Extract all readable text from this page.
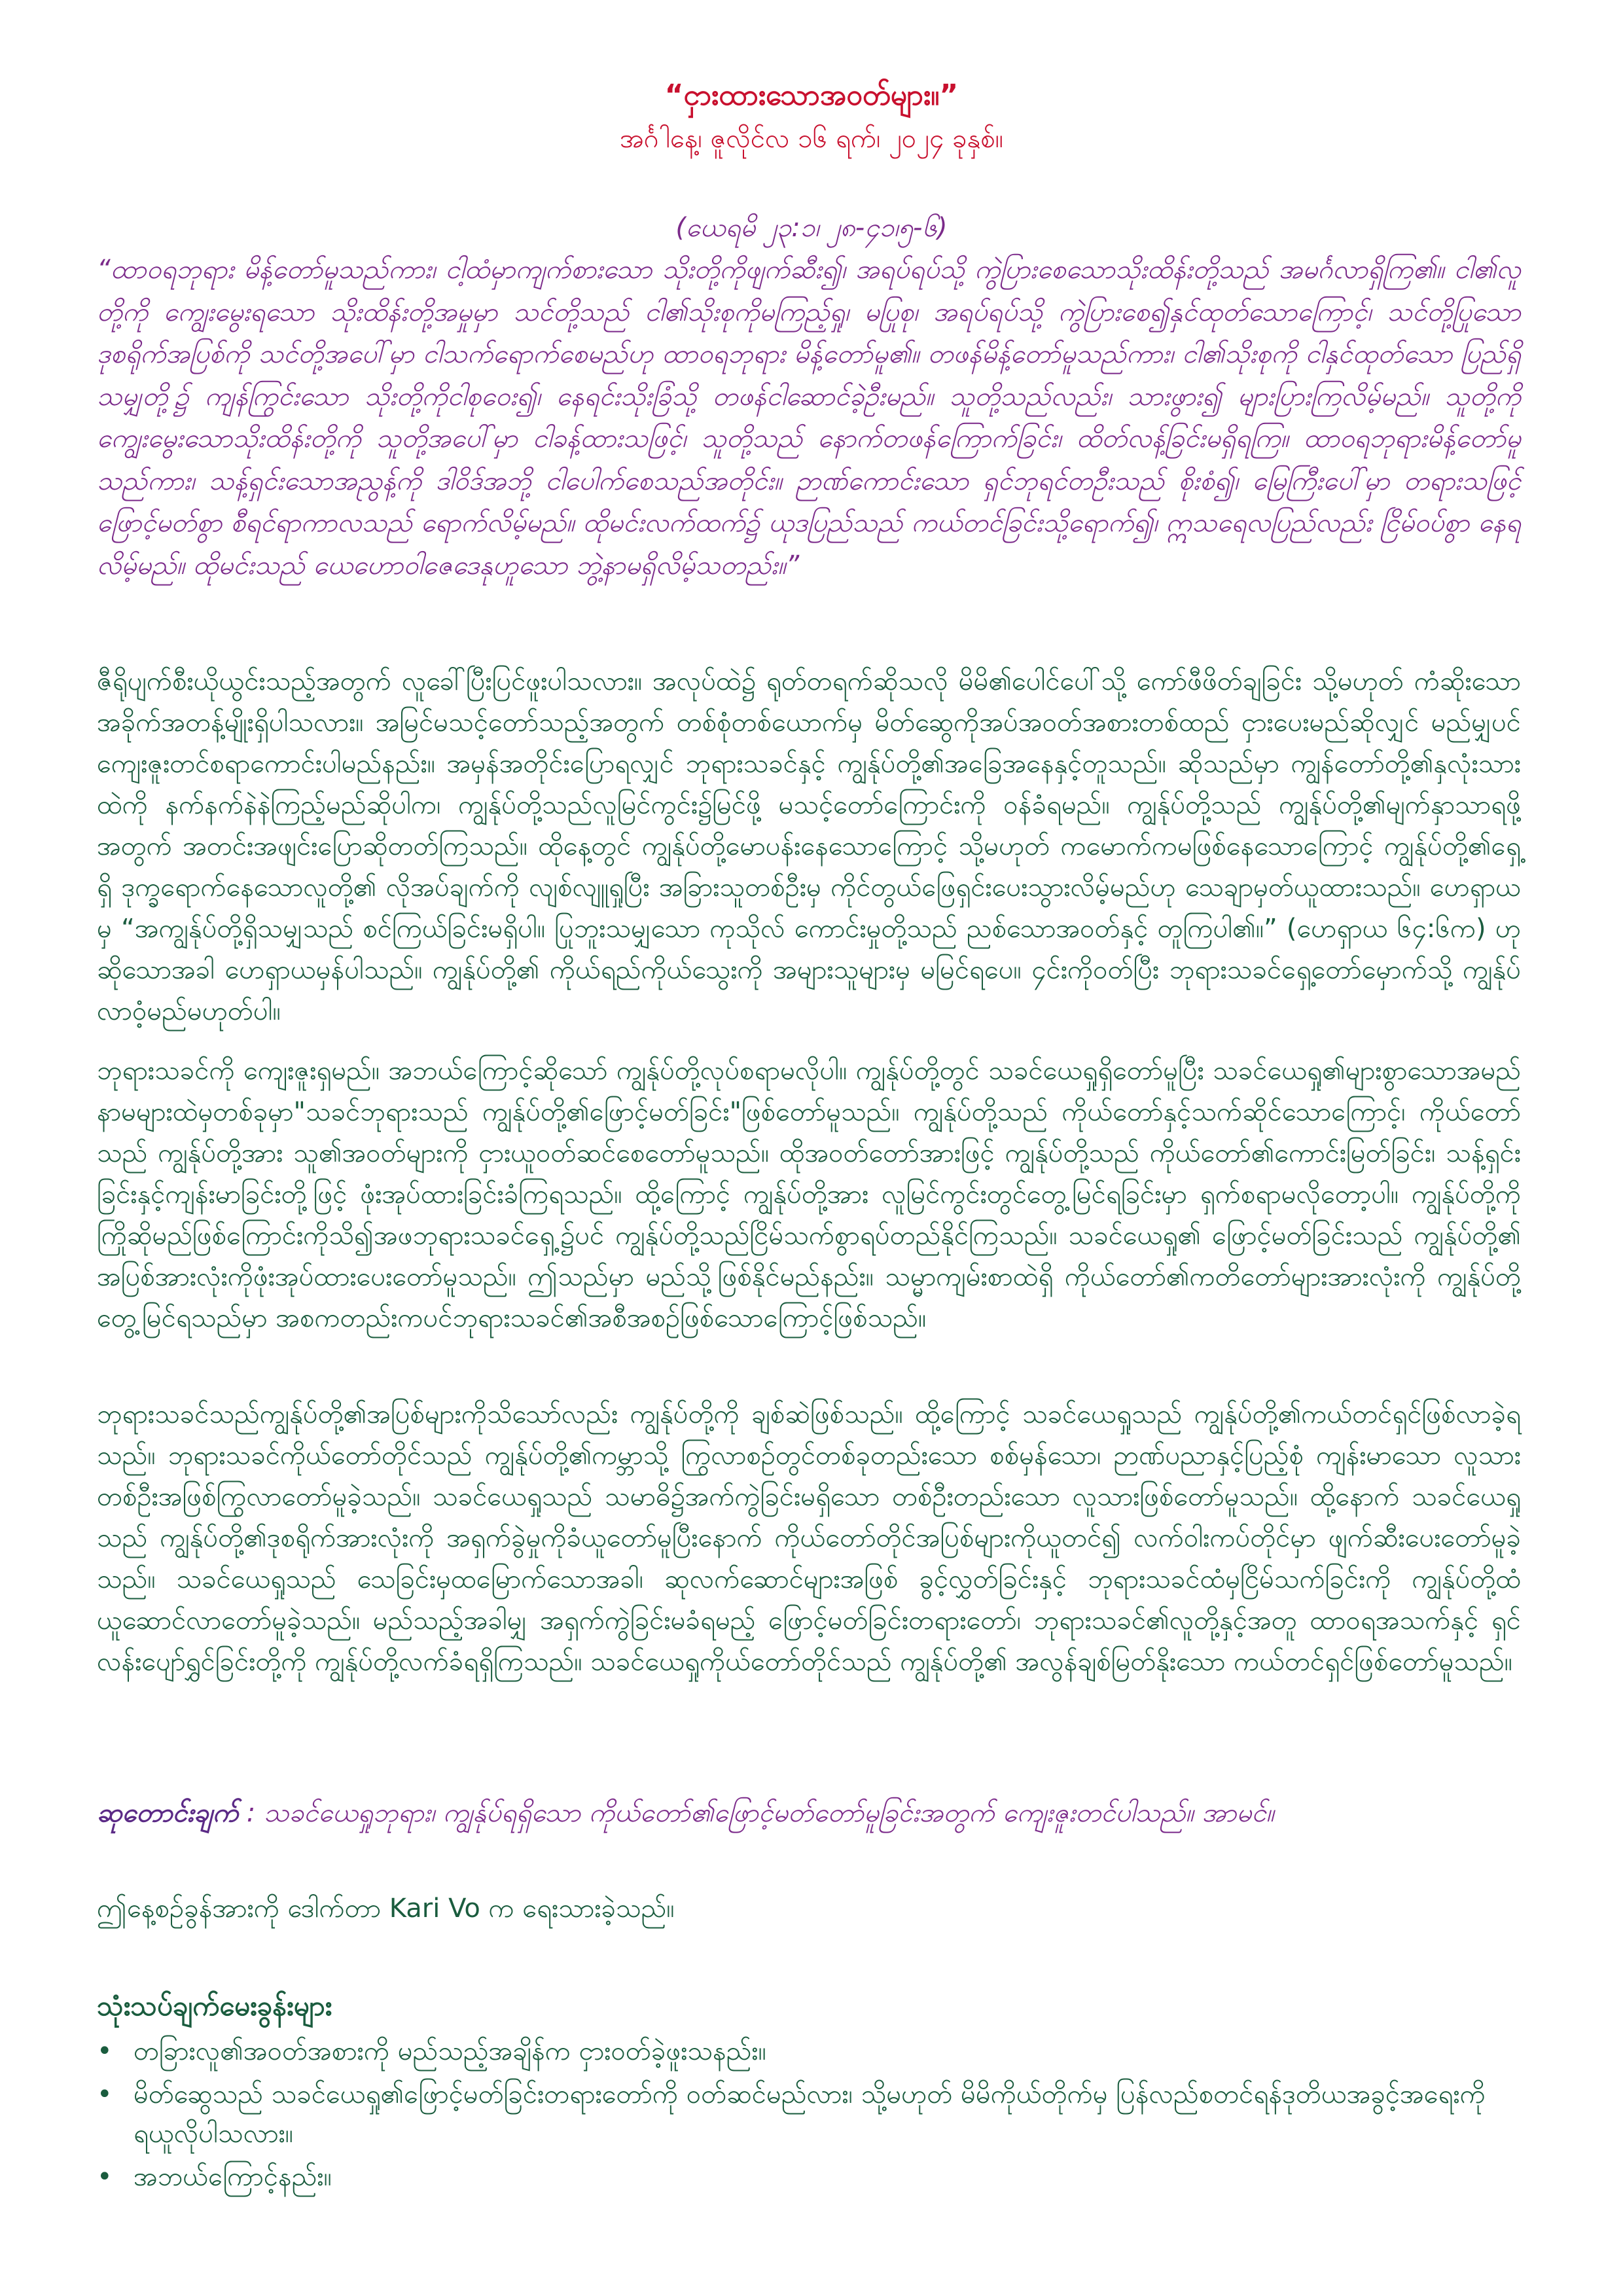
“ငှားထားသောအဝတ်များ။”
အင်္ဂါနေ့၊ ဇူလိုင်လ ၁၆ ရက်၊ ၂၀၂၄ ခုနှစ်။
(ယေရမိ ၂၃:၁၊ ၂၈-၄၁၊၅-၆)

“ထာဝရဘုရား မိန့်တော်မူသည်ကား၊ ငါ့ထံမှာကျက်စားသော သိုးတို့ကိုဖျက်ဆီး၍၊ အရပ်ရပ်သို့ ကွဲပြားစေသောသိုးထိန်းတို့သည် အမင်္ဂလာရှိကြ၏။ ငါ၏လူတို့ကို ကျွေးမွေးရသော သိုးထိန်းတို့အမှုမှာ သင်တို့သည် ငါ၏သိုးစုကိုမကြည့်ရှု၊ မပြုစု၊ အရပ်ရပ်သို့ ကွဲပြားစေ၍နှင်ထုတ်သောကြောင့်၊ သင်တို့ပြုသော ဒုစရိုက်အပြစ်ကို သင်တို့အပေါ်မှာ ငါသက်ရောက်စေမည်ဟု ထာဝရဘုရား မိန့်တော်မူ၏။ တဖန်မိန့်တော်မူသည်ကား၊ ငါ၏သိုးစုကို ငါနှင်ထုတ်သော ပြည်ရှိသမျှတို့၌ ကျန်ကြွင်းသော သိုးတို့ကိုငါစုဝေး၍၊ နေရင်းသိုးခြံသို့ တဖန်ငါဆောင်ခဲ့ဦးမည်။ သူတို့သည်လည်း၊ သားဖွား၍ များပြားကြလိမ့်မည်။ သူတို့ကို ကျွေးမွေးသောသိုးထိန်းတို့ကို သူတို့အပေါ်မှာ ငါခန့်ထားသဖြင့်၊ သူတို့သည် နောက်တဖန်ကြောက်ခြင်း၊ ထိတ်လန့်ခြင်းမရှိရကြ။ ထာဝရဘုရားမိန့်တော်မူသည်ကား၊ သန့်ရှင်းသောအညွန့်ကို ဒါဝိဒ်အဘို့ ငါပေါက်စေသည်အတိုင်း။ ဉာဏ်ကောင်းသော ရှင်ဘုရင်တဦးသည် စိုးစံ၍၊ မြေကြီးပေါ်မှာ တရားသဖြင့် ဖြောင့်မတ်စွာ စီရင်ရာကာလသည် ရောက်လိမ့်မည်။ ထိုမင်းလက်ထက်၌ ယုဒပြည်သည် ကယ်တင်ခြင်းသို့ရောက်၍၊ ဣသရေလပြည်လည်း ငြိမ်ဝပ်စွာ နေရလိမ့်မည်။ ထိုမင်းသည် ယေဟောဝါဇေဒေနုဟူသော ဘွဲ့နာမရှိလိမ့်သတည်း။”

ဇီရိုပျက်စီးယိုယွင်းသည့်အတွက် လူခေါ်ပြီးပြင်ဖူးပါသလား။ အလုပ်ထဲ၌ ရုတ်တရက်ဆိုသလို မိမိ၏ပေါင်ပေါ်သို့ ကော်ဖီဖိတ်ချခြင်း သို့မဟုတ် ကံဆိုးသောအခိုက်အတန့်မျိုးရှိပါသလား။ အမြင်မသင့်တော်သည့်အတွက် တစ်စုံတစ်ယောက်မှ မိတ်ဆွေကိုအပ်အဝတ်အစားတစ်ထည် ငှားပေးမည်ဆိုလျှင် မည်မျှပင် ကျေးဇူးတင်စရာကောင်းပါမည်နည်း။ အမှန်အတိုင်းပြောရလျှင် ဘုရားသခင်နှင့် ကျွန်ုပ်တို့၏အခြေအနေနှင့်တူသည်။ ဆိုသည်မှာ ကျွန်တော်တို့၏နှလုံးသားထဲကို နက်နက်နဲနဲကြည့်မည်ဆိုပါက၊ ကျွန်ုပ်တို့သည်လူမြင်ကွင်း၌မြင်ဖို့ မသင့်တော်ကြောင်းကို ဝန်ခံရမည်။ ကျွန်ုပ်တို့သည် ကျွန်ုပ်တို့၏မျက်နှာသာရဖို့အတွက် အတင်းအဖျင်းပြောဆိုတတ်ကြသည်။ ထိုနေ့တွင် ကျွန်ုပ်တို့မောပန်းနေသောကြောင့် သို့မဟုတ် ကမောက်ကမဖြစ်နေသောကြောင့် ကျွန်ုပ်တို့၏ရှေ့ရှိ ဒုက္ခရောက်နေသောလူတို့၏ လိုအပ်ချက်ကို လျစ်လျူရှုပြီး အခြားသူတစ်ဦးမှ ကိုင်တွယ်ဖြေရှင်းပေးသွားလိမ့်မည်ဟု သေချာမှတ်ယူထားသည်။ ဟေရှာယမှ “အကျွန်ုပ်တို့ရှိသမျှသည် စင်ကြယ်ခြင်းမရှိပါ။ ပြုဘူးသမျှသော ကုသိုလ် ကောင်းမှုတို့သည် ညစ်သောအဝတ်နှင့် တူကြပါ၏။” (ဟေရှာယ ၆၄:၆က) ဟုဆိုသောအခါ ဟေရှာယမှန်ပါသည်။ ကျွန်ုပ်တို့၏ ကိုယ်ရည်ကိုယ်သွေးကို အများသူများမှ မမြင်ရပေ။ ၄င်းကိုဝတ်ပြီး ဘုရားသခင်ရှေ့တော်မှောက်သို့ ကျွန်ုပ်လာဝံ့မည်မဟုတ်ပါ။

ဘုရားသခင်ကို ကျေးဇူးရှမည်။ အဘယ်ကြောင့်ဆိုသော် ကျွန်ုပ်တို့လုပ်စရာမလိုပါ။ ကျွန်ုပ်တို့တွင် သခင်ယေရှုရှိတော်မူပြီး သခင်ယေရှု၏များစွာသောအမည်နာမများထဲမှတစ်ခုမှာ"သခင်ဘုရားသည် ကျွန်ုပ်တို့၏ဖြောင့်မတ်ခြင်း"ဖြစ်တော်မူသည်။ ကျွန်ုပ်တို့သည် ကိုယ်တော်နှင့်သက်ဆိုင်သောကြောင့်၊ ကိုယ်တော်သည် ကျွန်ုပ်တို့အား သူ၏အဝတ်များကို ငှားယူဝတ်ဆင်စေတော်မူသည်။ ထိုအဝတ်တော်အားဖြင့် ကျွန်ုပ်တို့သည် ကိုယ်တော်၏ကောင်းမြတ်ခြင်း၊ သန့်ရှင်းခြင်းနှင့်ကျန်းမာခြင်းတို့ဖြင့် ဖုံးအုပ်ထားခြင်းခံကြရသည်။ ထို့ကြောင့် ကျွန်ုပ်တို့အား လူမြင်ကွင်းတွင်တွေ့မြင်ရခြင်းမှာ ရှက်စရာမလိုတော့ပါ။ ကျွန်ုပ်တို့ကို ကြိုဆိုမည်ဖြစ်ကြောင်းကိုသိ၍အဖဘုရားသခင်ရှေ့၌ပင် ကျွန်ုပ်တို့သည်ငြိမ်သက်စွာရပ်တည်နိုင်ကြသည်။ သခင်ယေရှု၏ ဖြောင့်မတ်ခြင်းသည် ကျွန်ုပ်တို့၏ အပြစ်အားလုံးကိုဖုံးအုပ်ထားပေးတော်မူသည်။ ဤသည်မှာ မည်သို့ဖြစ်နိုင်မည်နည်း။ သမ္မာကျမ်းစာထဲရှိ ကိုယ်တော်၏ကတိတော်များအားလုံးကို ကျွန်ုပ်တို့တွေ့မြင်ရသည်မှာ အစကတည်းကပင်ဘုရားသခင်၏အစီအစဉ်ဖြစ်သောကြောင့်ဖြစ်သည်။

ဘုရားသခင်သည်ကျွန်ုပ်တို့၏အပြစ်များကိုသိသော်လည်း ကျွန်ုပ်တို့ကို ချစ်ဆဲဖြစ်သည်။ ထို့ကြောင့် သခင်ယေရှုသည် ကျွန်ုပ်တို့၏ကယ်တင်ရှင်ဖြစ်လာခဲ့ရသည်။ ဘုရားသခင်ကိုယ်တော်တိုင်သည် ကျွန်ုပ်တို့၏ကမ္ဘာသို့ ကြွလာစဉ်တွင်တစ်ခုတည်းသော စစ်မှန်သော၊ ဉာဏ်ပညာနှင့်ပြည့်စုံ ကျန်းမာသော လူသားတစ်ဦးအဖြစ်ကြွလာတော်မူခဲ့သည်။ သခင်ယေရှုသည် သမာဓိ၌အက်ကွဲခြင်းမရှိသော တစ်ဦးတည်းသော လူသားဖြစ်တော်မူသည်။ ထို့နောက် သခင်ယေရှုသည် ကျွန်ုပ်တို့၏ဒုစရိုက်အားလုံးကို အရှက်ခွဲမှုကိုခံယူတော်မူပြီးနောက် ကိုယ်တော်တိုင်အပြစ်များကိုယူတင်၍ လက်ဝါးကပ်တိုင်မှာ ဖျက်ဆီးပေးတော်မူခဲ့သည်။ သခင်ယေရှုသည် သေခြင်းမှထမြောက်သောအခါ၊ ဆုလက်ဆောင်များအဖြစ် ခွင့်လွှတ်ခြင်းနှင့် ဘုရားသခင်ထံမှငြိမ်သက်ခြင်းကို ကျွန်ုပ်တို့ထံယူဆောင်လာတော်မူခဲ့သည်။ မည်သည့်အခါမျှ အရှက်ကွဲခြင်းမခံရမည့် ဖြောင့်မတ်ခြင်းတရားတော်၊ ဘုရားသခင်၏လူတို့နှင့်အတူ ထာဝရအသက်နှင့် ရှင်လန်းပျော်ရွှင်ခြင်းတို့ကို ကျွန်ုပ်တို့လက်ခံရရှိကြသည်။ သခင်ယေရှုကိုယ်တော်တိုင်သည် ကျွန်ုပ်တို့၏ အလွန်ချစ်မြတ်နိုးသော ကယ်တင်ရှင်ဖြစ်တော်မူသည်။

ဆုတောင်းချက် : သခင်ယေရှုဘုရား၊ ကျွန်ုပ်ရရှိသော ကိုယ်တော်၏ဖြောင့်မတ်တော်မူခြင်းအတွက် ကျေးဇူးတင်ပါသည်။ အာမင်။

ဤနေ့စဉ်ခွန်အားကို ဒေါက်တာ Kari Vo က ရေးသားခဲ့သည်။

သုံးသပ်ချက်မေးခွန်းများ
• တခြားလူ၏အဝတ်အစားကို မည်သည့်အချိန်က ငှားဝတ်ခဲ့ဖူးသနည်း။
• မိတ်ဆွေသည် သခင်ယေရှု၏ဖြောင့်မတ်ခြင်းတရားတော်ကို ဝတ်ဆင်မည်လား၊ သို့မဟုတ် မိမိကိုယ်တိုက်မှ ပြန်လည်စတင်ရန်ဒုတိယအခွင့်အရေးကို ရယူလိုပါသလား။
• အဘယ်ကြောင့်နည်း။
